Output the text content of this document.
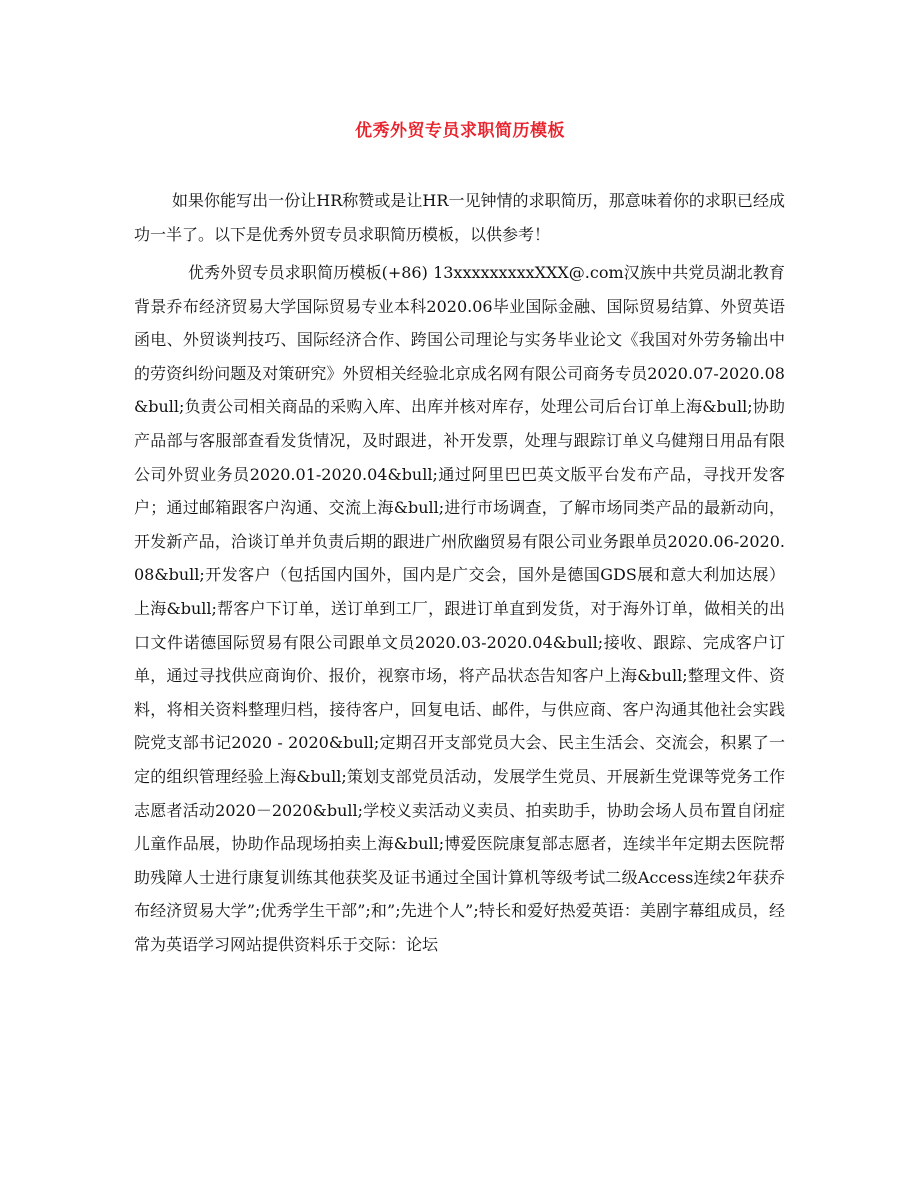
优秀外贸专员求职简历模板

如果你能写出一份让HR称赞或是让HR一见钟情的求职简历，那意味着你的求职已经成功一半了。以下是优秀外贸专员求职简历模板，以供参考！

优秀外贸专员求职简历模板(+86) 13xxxxxxxxxXXX@.com汉族中共党员湖北教育背景乔布经济贸易大学国际贸易专业本科2020.06毕业国际金融、国际贸易结算、外贸英语函电、外贸谈判技巧、国际经济合作、跨国公司理论与实务毕业论文《我国对外劳务输出中的劳资纠纷问题及对策研究》外贸相关经验北京成名网有限公司商务专员2020.07-2020.08&bull;负责公司相关商品的采购入库、出库并核对库存，处理公司后台订单上海&bull;协助产品部与客服部查看发货情况，及时跟进，补开发票，处理与跟踪订单义乌健翔日用品有限公司外贸业务员2020.01-2020.04&bull;通过阿里巴巴英文版平台发布产品，寻找开发客户；通过邮箱跟客户沟通、交流上海&bull;进行市场调查，了解市场同类产品的最新动向，开发新产品，洽谈订单并负责后期的跟进广州欣幽贸易有限公司业务跟单员2020.06-2020.08&bull;开发客户（包括国内国外，国内是广交会，国外是德国GDS展和意大利加达展）上海&bull;帮客户下订单，送订单到工厂，跟进订单直到发货，对于海外订单，做相关的出口文件诺德国际贸易有限公司跟单文员2020.03-2020.04&bull;接收、跟踪、完成客户订单，通过寻找供应商询价、报价，视察市场，将产品状态告知客户上海&bull;整理文件、资料，将相关资料整理归档，接待客户，回复电话、邮件，与供应商、客户沟通其他社会实践院党支部书记2020 - 2020&bull;定期召开支部党员大会、民主生活会、交流会，积累了一定的组织管理经验上海&bull;策划支部党员活动，发展学生党员、开展新生党课等党务工作志愿者活动2020－2020&bull;学校义卖活动义卖员、拍卖助手，协助会场人员布置自闭症儿童作品展，协助作品现场拍卖上海&bull;博爱医院康复部志愿者，连续半年定期去医院帮助残障人士进行康复训练其他获奖及证书通过全国计算机等级考试二级Access连续2年获乔布经济贸易大学”;优秀学生干部”;和”;先进个人”;特长和爱好热爱英语：美剧字幕组成员，经常为英语学习网站提供资料乐于交际：论坛
